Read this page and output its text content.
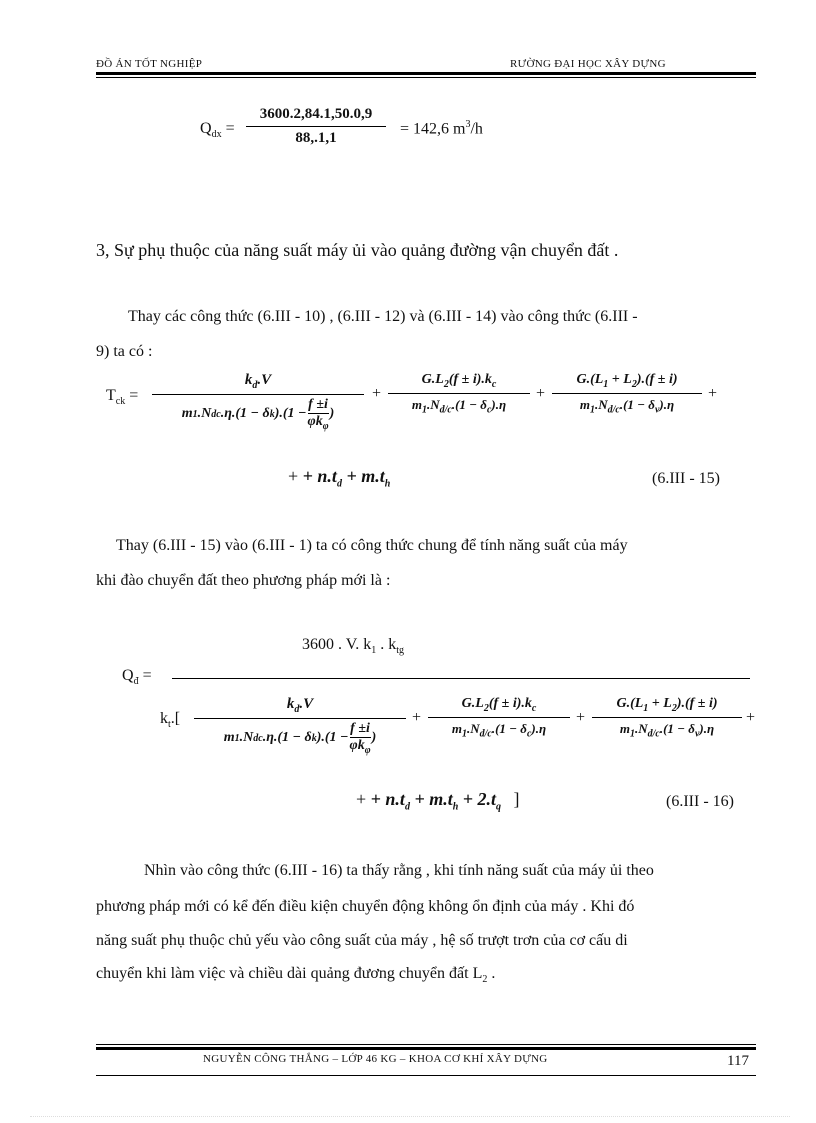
ĐỒ ÁN TỐT NGHIỆP	RƯỜNG ĐẠI HỌC XÂY DỰNG
$Q_{dx}$ =
3600.2,84.1,50.0,9
88,.1,1
= 142,6 $m^3/h$
3, Sự phụ thuộc của năng suất máy ủi vào quảng đường vận chuyển đất .
Thay các công thức (6.III - 10) , (6.III - 12) và (6.III - 14) vào công thức (6.III -
9) ta có :
$T_{ck}$ =
$k_d.V$
m 1 .N dc .η.(1 − δ k ).(1 −
f ±i
$\varphi k_\varphi$
)
+
$G.L_2(f \pm i).k_c$
$m_1.N_{d/c}.(1 - \delta_c).\eta$
+
$G.(L_1 + L_2).(f \pm i)$
$m_1.N_{d/c}.(1 - \delta_v).\eta$
+
+ + $n.t_d + m.t_h$	(6.III - 15)
Thay (6.III - 15) vào (6.III - 1) ta có công thức chung để tính năng suất của máy
khi đào chuyển đất theo phương pháp mới là :
3600 . V. $k_1$ . $k_{tg}$
$Q_đ$ =
$k_t$.[
$k_d.V$
m 1 .N dc .η.(1 − δ k ).(1 −
f ±i
$\varphi k_\varphi$
)
+
$G.L_2(f \pm i).k_c$
$m_1.N_{d/c}.(1 - \delta_c).\eta$
+
$G.(L_1 + L_2).(f \pm i)$
$m_1.N_{d/c}.(1 - \delta_v).\eta$
+
+ + $n.t_d + m.t_h + 2.t_q$ ]	(6.III - 16)
Nhìn vào công thức (6.III - 16) ta thấy rằng , khi tính năng suất của máy ủi theo
phương pháp mới có kể đến điều kiện chuyển động không ổn định của máy . Khi đó
năng suất phụ thuộc chủ yếu vào công suất của máy , hệ số trượt trơn của cơ cấu di
chuyển khi làm việc và chiều dài quảng đương chuyển đất $L_2$ .
NGUYỄN CÔNG THẮNG – LỚP 46 KG – KHOA CƠ KHÍ XÂY DỰNG	117
